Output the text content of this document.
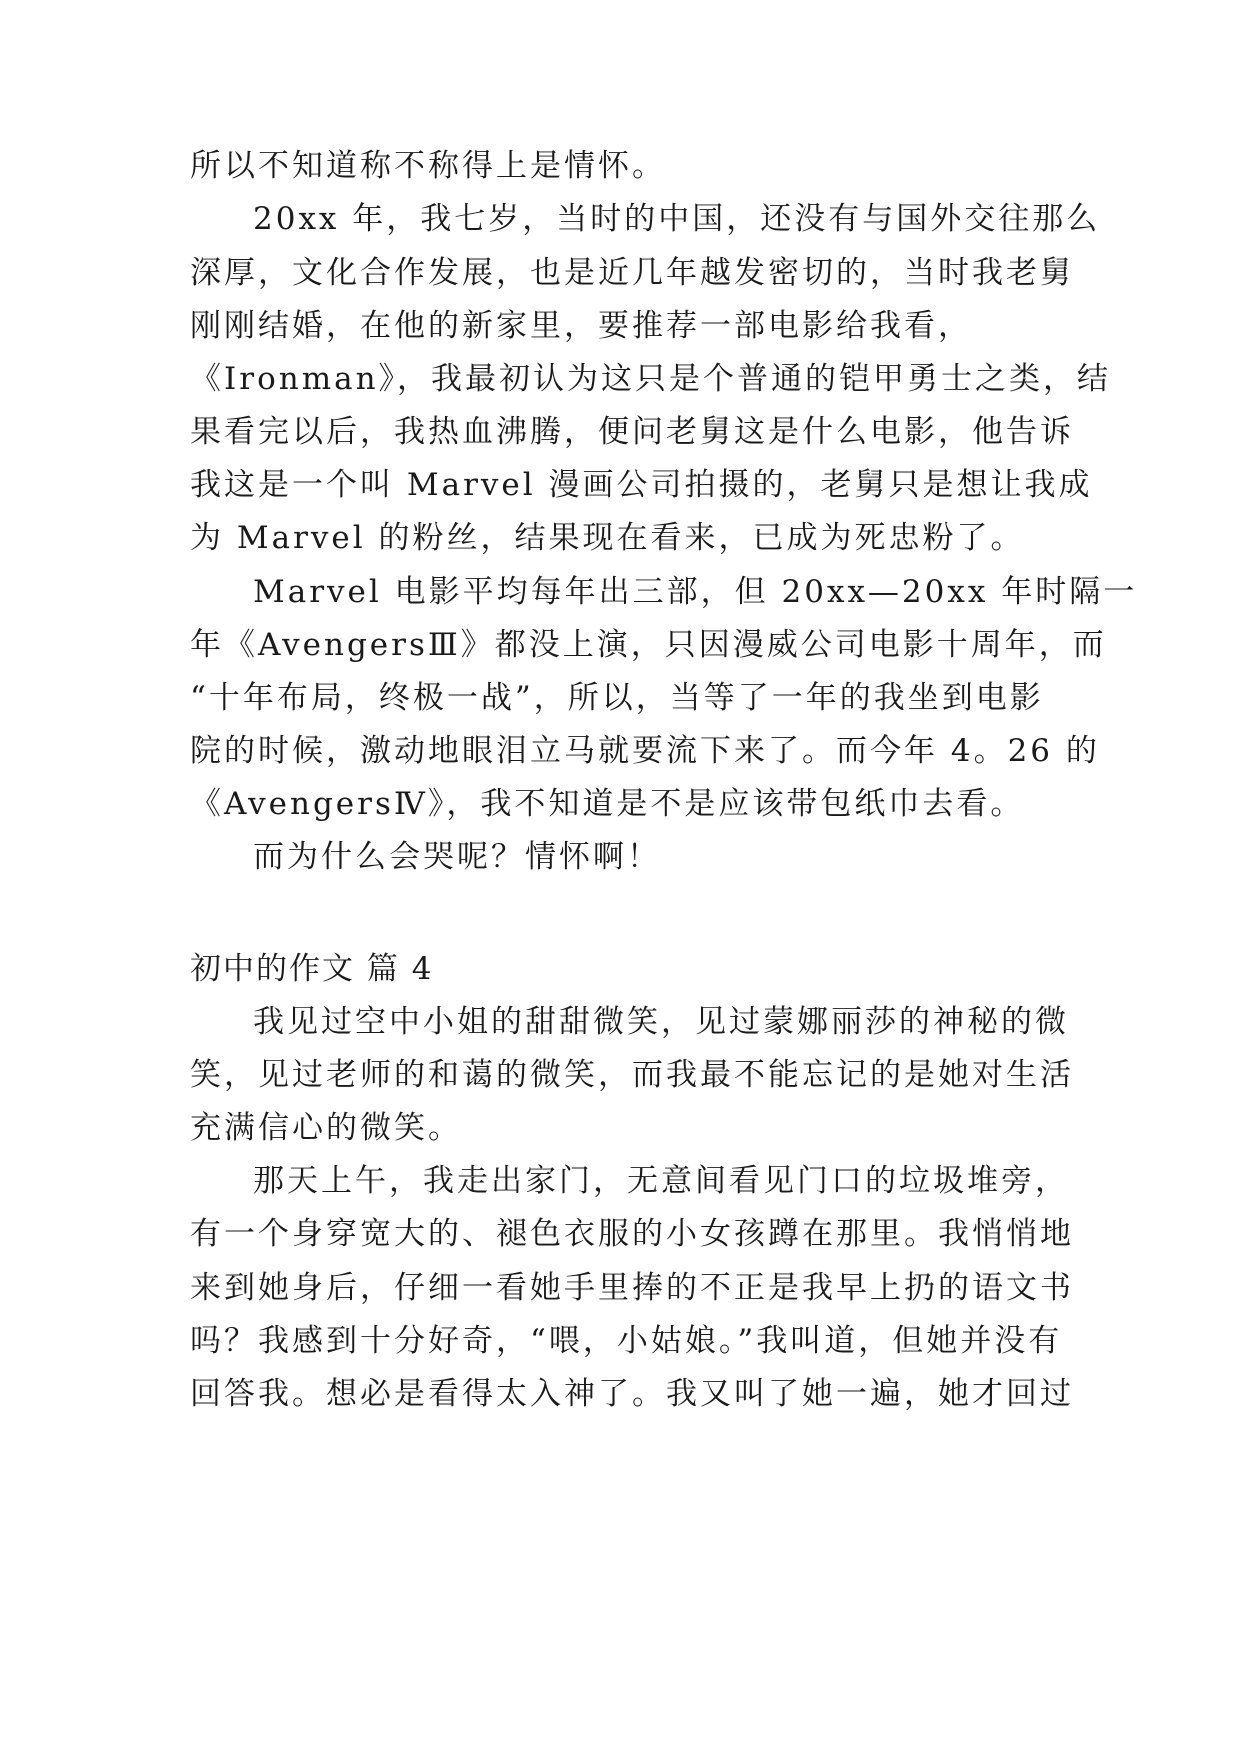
所以不知道称不称得上是情怀。
20xx 年，我七岁，当时的中国，还没有与国外交往那么
深厚，文化合作发展，也是近几年越发密切的，当时我老舅
刚刚结婚，在他的新家里，要推荐一部电影给我看，
《Ironman》，我最初认为这只是个普通的铠甲勇士之类，结
果看完以后，我热血沸腾，便问老舅这是什么电影，他告诉
我这是一个叫 Marvel 漫画公司拍摄的，老舅只是想让我成
为 Marvel 的粉丝，结果现在看来，已成为死忠粉了。
Marvel 电影平均每年出三部，但 20xx—20xx 年时隔一
年《AvengersⅢ》都没上演，只因漫威公司电影十周年，而
“十年布局，终极一战”，所以，当等了一年的我坐到电影
院的时候，激动地眼泪立马就要流下来了。而今年 4。26 的
《AvengersⅣ》，我不知道是不是应该带包纸巾去看。
而为什么会哭呢？情怀啊！
初中的作文 篇 4
我见过空中小姐的甜甜微笑，见过蒙娜丽莎的神秘的微
笑，见过老师的和蔼的微笑，而我最不能忘记的是她对生活
充满信心的微笑。
那天上午，我走出家门，无意间看见门口的垃圾堆旁，
有一个身穿宽大的、褪色衣服的小女孩蹲在那里。我悄悄地
来到她身后，仔细一看她手里捧的不正是我早上扔的语文书
吗？我感到十分好奇，“喂，小姑娘。”我叫道，但她并没有
回答我。想必是看得太入神了。我又叫了她一遍，她才回过
